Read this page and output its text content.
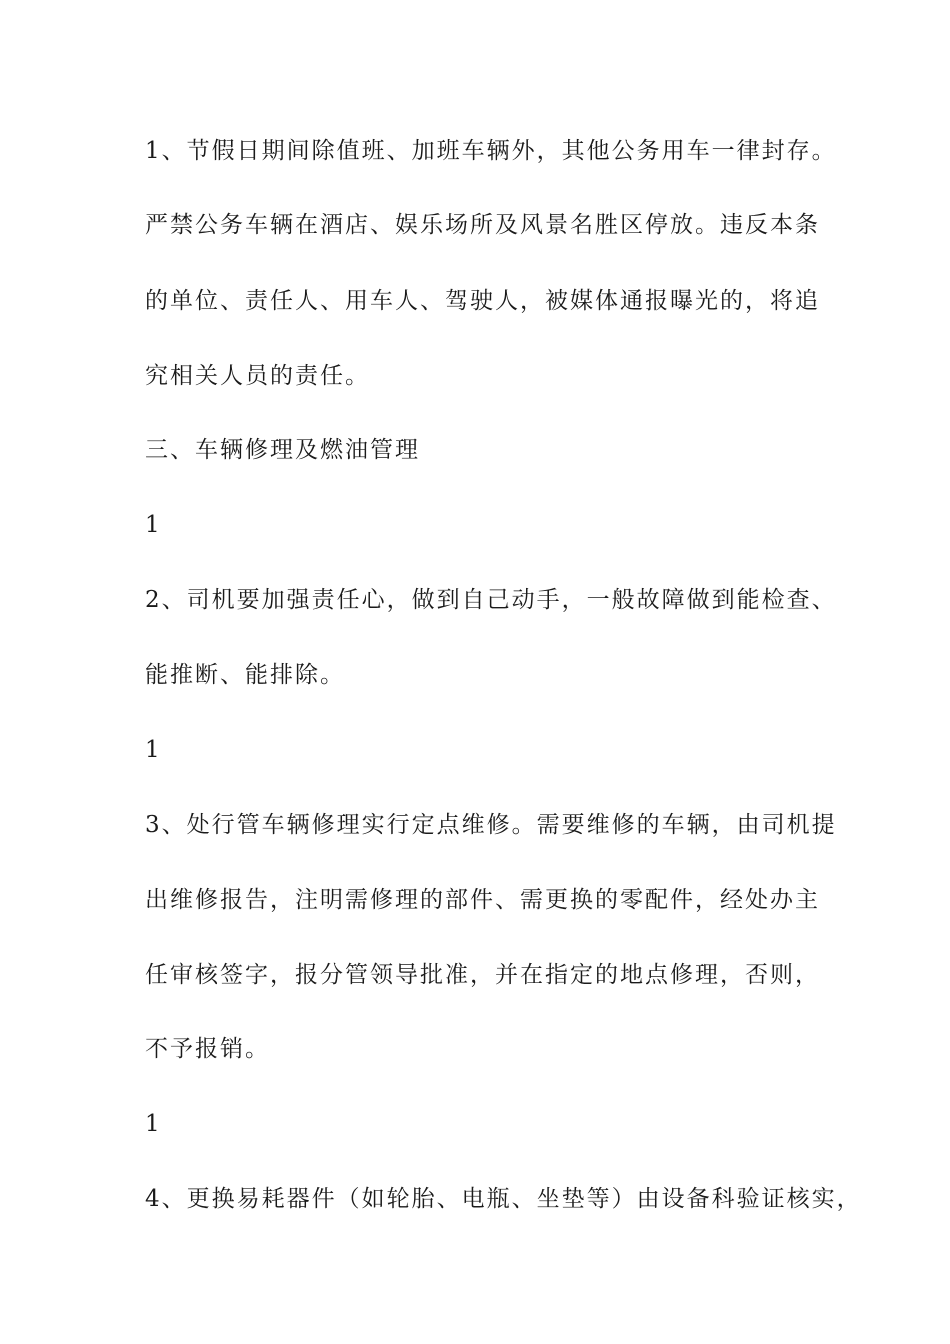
1、节假日期间除值班、加班车辆外，其他公务用车一律封存。
严禁公务车辆在酒店、娱乐场所及风景名胜区停放。违反本条
的单位、责任人、用车人、驾驶人，被媒体通报曝光的，将追
究相关人员的责任。
三、车辆修理及燃油管理
1
2、司机要加强责任心，做到自己动手，一般故障做到能检查、
能推断、能排除。
1
3、处行管车辆修理实行定点维修。需要维修的车辆，由司机提
出维修报告，注明需修理的部件、需更换的零配件，经处办主
任审核签字，报分管领导批准，并在指定的地点修理，否则，
不予报销。
1
4、更换易耗器件（如轮胎、电瓶、坐垫等）由设备科验证核实，
